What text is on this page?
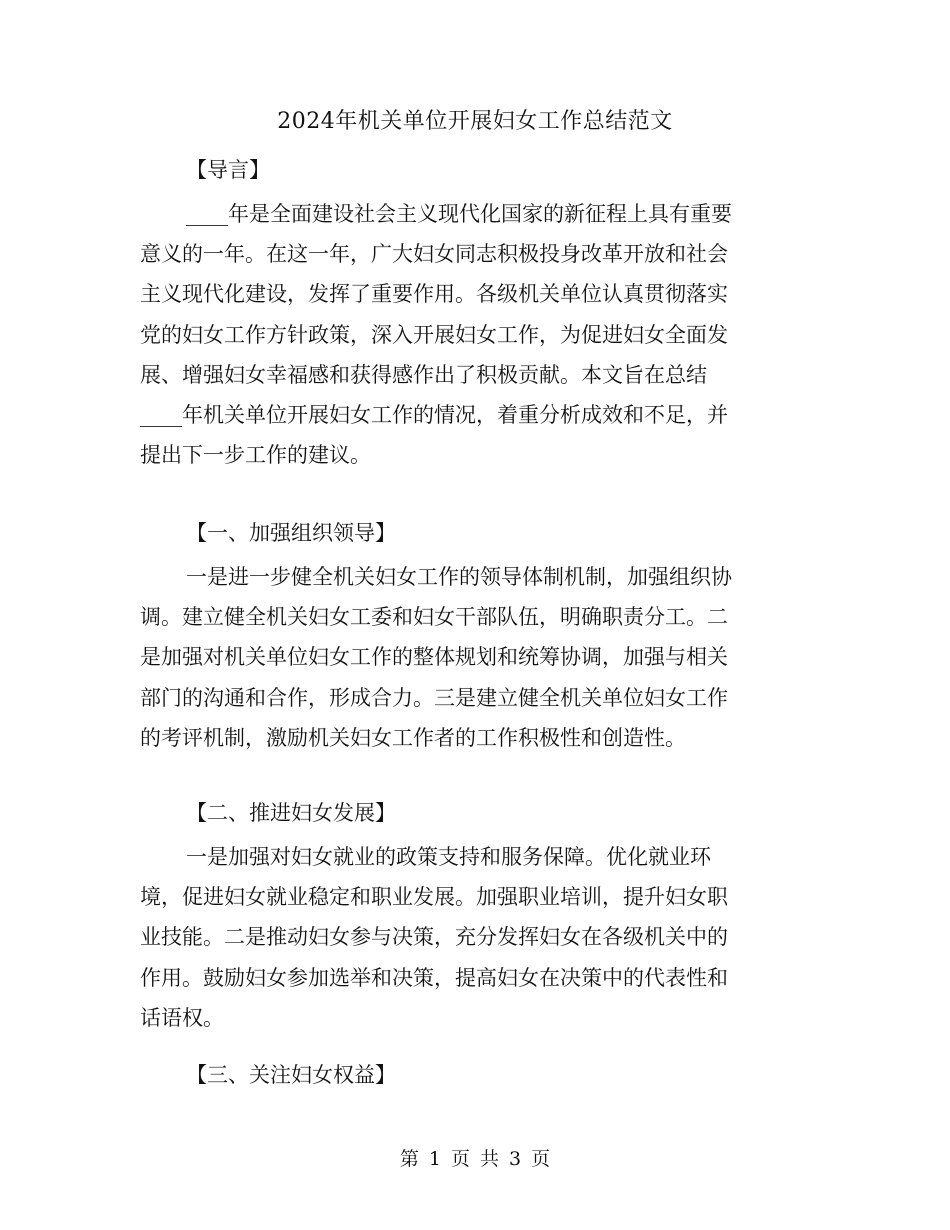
2024年机关单位开展妇女工作总结范文
【导言】
____年是全面建设社会主义现代化国家的新征程上具有重要
意义的一年。在这一年，广大妇女同志积极投身改革开放和社会
主义现代化建设，发挥了重要作用。各级机关单位认真贯彻落实
党的妇女工作方针政策，深入开展妇女工作，为促进妇女全面发
展、增强妇女幸福感和获得感作出了积极贡献。本文旨在总结
____年机关单位开展妇女工作的情况，着重分析成效和不足，并
提出下一步工作的建议。
【一、加强组织领导】
一是进一步健全机关妇女工作的领导体制机制，加强组织协
调。建立健全机关妇女工委和妇女干部队伍，明确职责分工。二
是加强对机关单位妇女工作的整体规划和统筹协调，加强与相关
部门的沟通和合作，形成合力。三是建立健全机关单位妇女工作
的考评机制，激励机关妇女工作者的工作积极性和创造性。
【二、推进妇女发展】
一是加强对妇女就业的政策支持和服务保障。优化就业环
境，促进妇女就业稳定和职业发展。加强职业培训，提升妇女职
业技能。二是推动妇女参与决策，充分发挥妇女在各级机关中的
作用。鼓励妇女参加选举和决策，提高妇女在决策中的代表性和
话语权。
【三、关注妇女权益】
第 1 页 共 3 页
